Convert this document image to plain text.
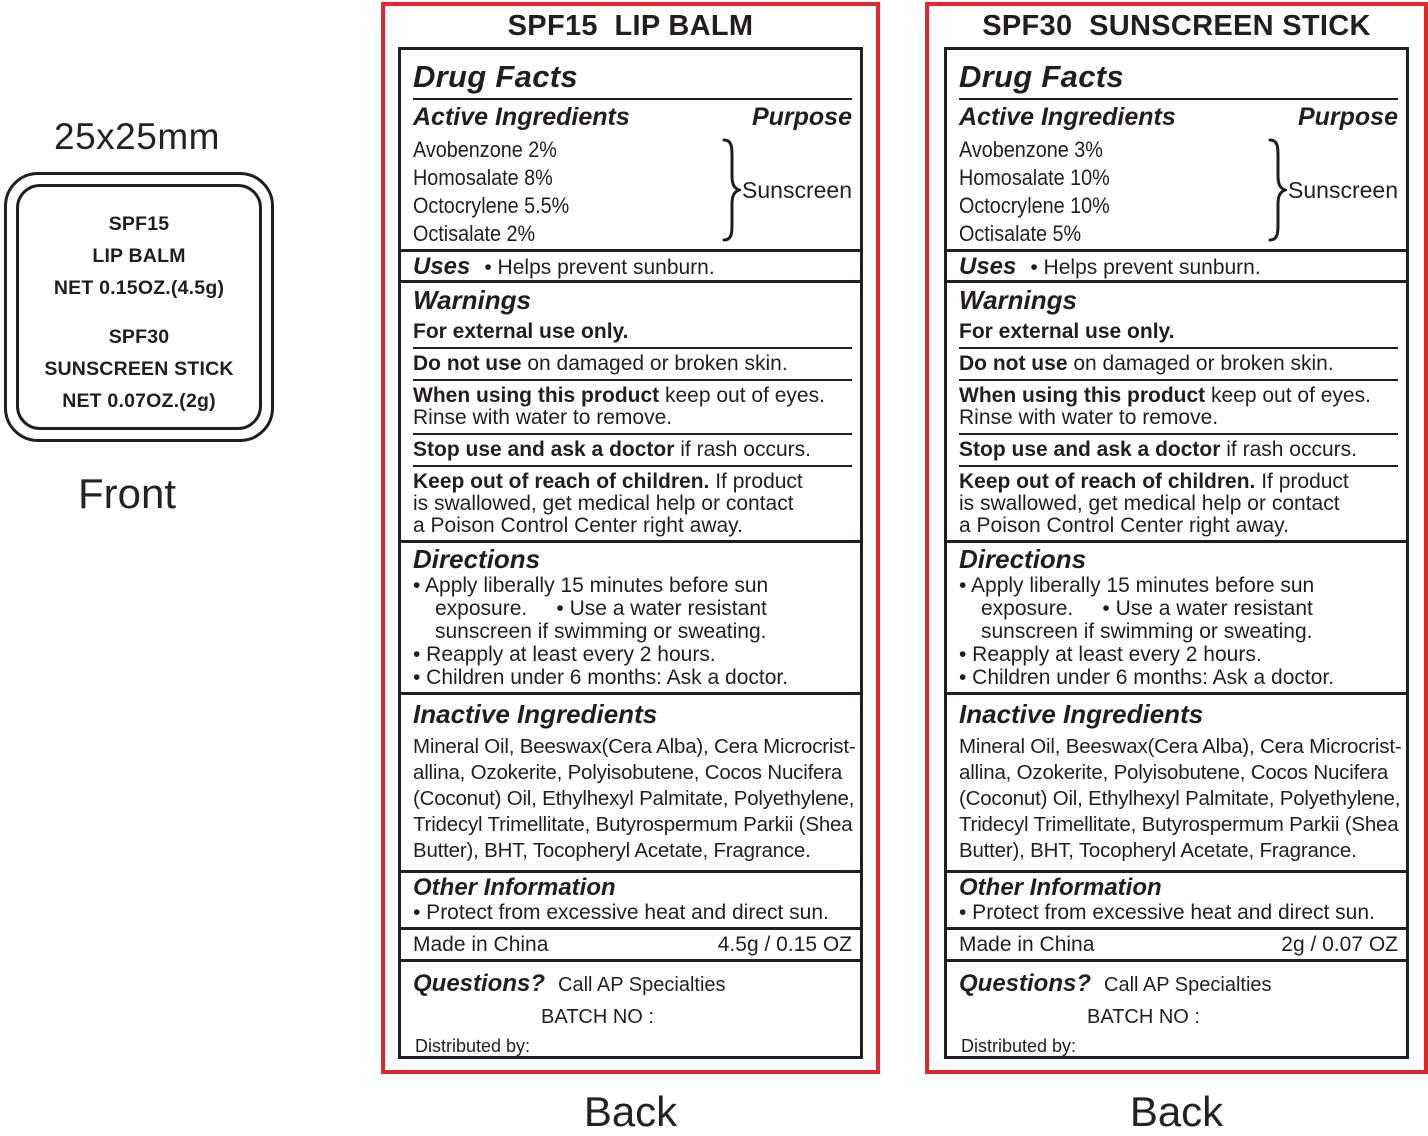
25x25mm
SPF15
LIP BALM
NET 0.15OZ.(4.5g)
SPF30
SUNSCREEN STICK
NET 0.07OZ.(2g)
Front
SPF15  LIP BALM
Drug Facts
Active Ingredients	Purpose
Avobenzone 2%
Homosalate 8%
Octocrylene 5.5%
Octisalate 2%
Sunscreen
Uses • Helps prevent sunburn.
Warnings
For external use only.
Do not use on damaged or broken skin.
When using this product keep out of eyes.
Rinse with water to remove.
Stop use and ask a doctor if rash occurs.
Keep out of reach of children. If product
is swallowed, get medical help or contact
a Poison Control Center right away.
Directions
• Apply liberally 15 minutes before sun
exposure.     • Use a water resistant
sunscreen if swimming or sweating.
• Reapply at least every 2 hours.
• Children under 6 months: Ask a doctor.
Inactive Ingredients
Mineral Oil, Beeswax(Cera Alba), Cera Microcrist-
allina, Ozokerite, Polyisobutene, Cocos Nucifera
(Coconut) Oil, Ethylhexyl Palmitate, Polyethylene,
Tridecyl Trimellitate, Butyrospermum Parkii (Shea
Butter), BHT, Tocopheryl Acetate, Fragrance.
Other Information
• Protect from excessive heat and direct sun.
Made in China	4.5g / 0.15 OZ
Questions? Call AP Specialties
BATCH NO :
Distributed by:
Back
SPF30  SUNSCREEN STICK
Drug Facts
Active Ingredients	Purpose
Avobenzone 3%
Homosalate 10%
Octocrylene 10%
Octisalate 5%
Sunscreen
Uses • Helps prevent sunburn.
Warnings
For external use only.
Do not use on damaged or broken skin.
When using this product keep out of eyes.
Rinse with water to remove.
Stop use and ask a doctor if rash occurs.
Keep out of reach of children. If product
is swallowed, get medical help or contact
a Poison Control Center right away.
Directions
• Apply liberally 15 minutes before sun
exposure.     • Use a water resistant
sunscreen if swimming or sweating.
• Reapply at least every 2 hours.
• Children under 6 months: Ask a doctor.
Inactive Ingredients
Mineral Oil, Beeswax(Cera Alba), Cera Microcrist-
allina, Ozokerite, Polyisobutene, Cocos Nucifera
(Coconut) Oil, Ethylhexyl Palmitate, Polyethylene,
Tridecyl Trimellitate, Butyrospermum Parkii (Shea
Butter), BHT, Tocopheryl Acetate, Fragrance.
Other Information
• Protect from excessive heat and direct sun.
Made in China	2g / 0.07 OZ
Questions? Call AP Specialties
BATCH NO :
Distributed by:
Back
